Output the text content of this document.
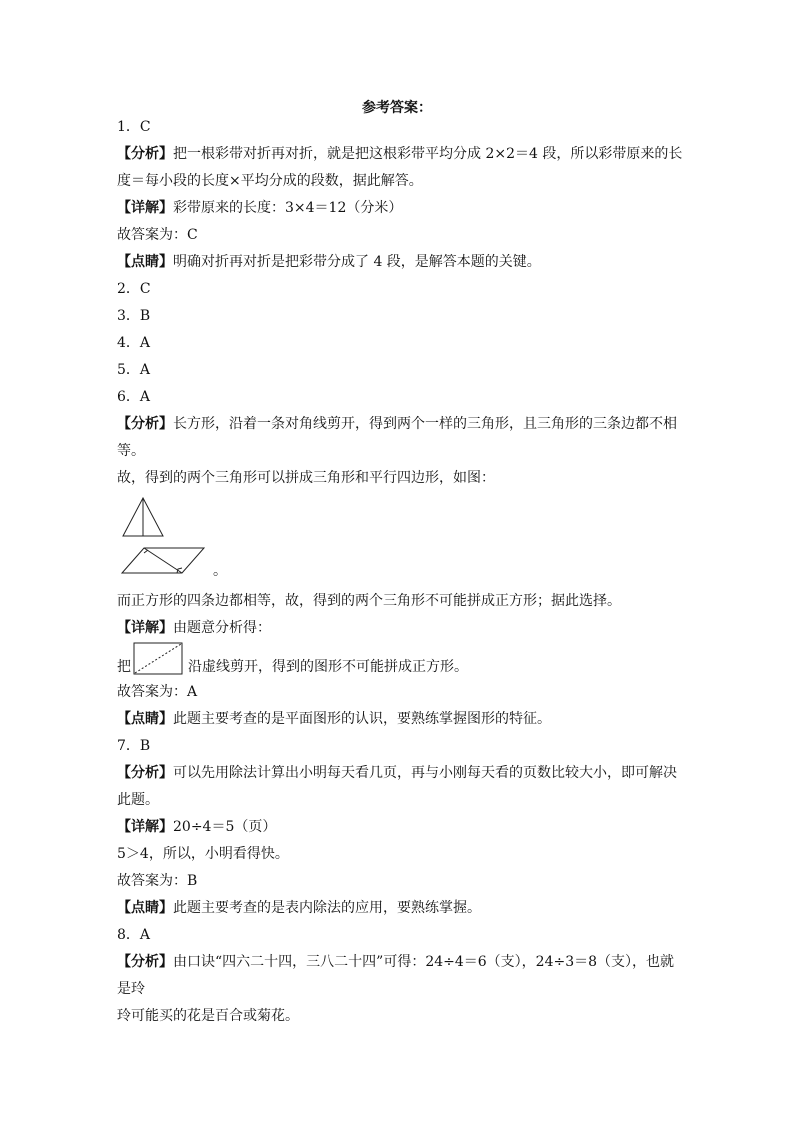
参考答案：

1．C

【分析】把一根彩带对折再对折，就是把这根彩带平均分成 2×2＝4 段，所以彩带原来的长

度＝每小段的长度×平均分成的段数，据此解答。

【详解】彩带原来的长度：3×4＝12（分米）

故答案为：C

【点睛】明确对折再对折是把彩带分成了 4 段，是解答本题的关键。

2．C

3．B

4．A

5．A

6．A

【分析】长方形，沿着一条对角线剪开，得到两个一样的三角形，且三角形的三条边都不相

等。

故，得到的两个三角形可以拼成三角形和平行四边形，如图：

。

而正方形的四条边都相等，故，得到的两个三角形不可能拼成正方形；据此选择。

【详解】由题意分析得：

把	沿虚线剪开，得到的图形不可能拼成正方形。

故答案为：A

【点睛】此题主要考查的是平面图形的认识，要熟练掌握图形的特征。

7．B

【分析】可以先用除法计算出小明每天看几页，再与小刚每天看的页数比较大小，即可解决

此题。

【详解】20÷4＝5（页）

5＞4，所以，小明看得快。

故答案为：B

【点睛】此题主要考查的是表内除法的应用，要熟练掌握。

8．A

【分析】由口诀“四六二十四，三八二十四”可得：24÷4＝6（支），24÷3＝8（支），也就是玲

玲可能买的花是百合或菊花。
